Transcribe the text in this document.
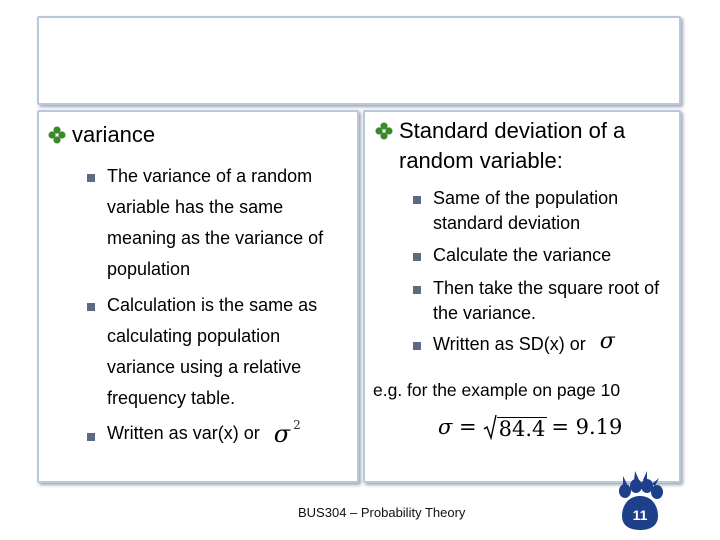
variance
The variance of a random variable has the same meaning as the variance of population
Calculation is the same as calculating population variance using a relative frequency table.
Written as var(x) or σ 2
Standard deviation of a
random variable:
Same of the population standard deviation
Calculate the variance
Then take the square root of the variance.
Written as SD(x) or σ
e.g. for the example on page 10
σ = 84.4 = 9.19
BUS304 – Probability Theory	11
